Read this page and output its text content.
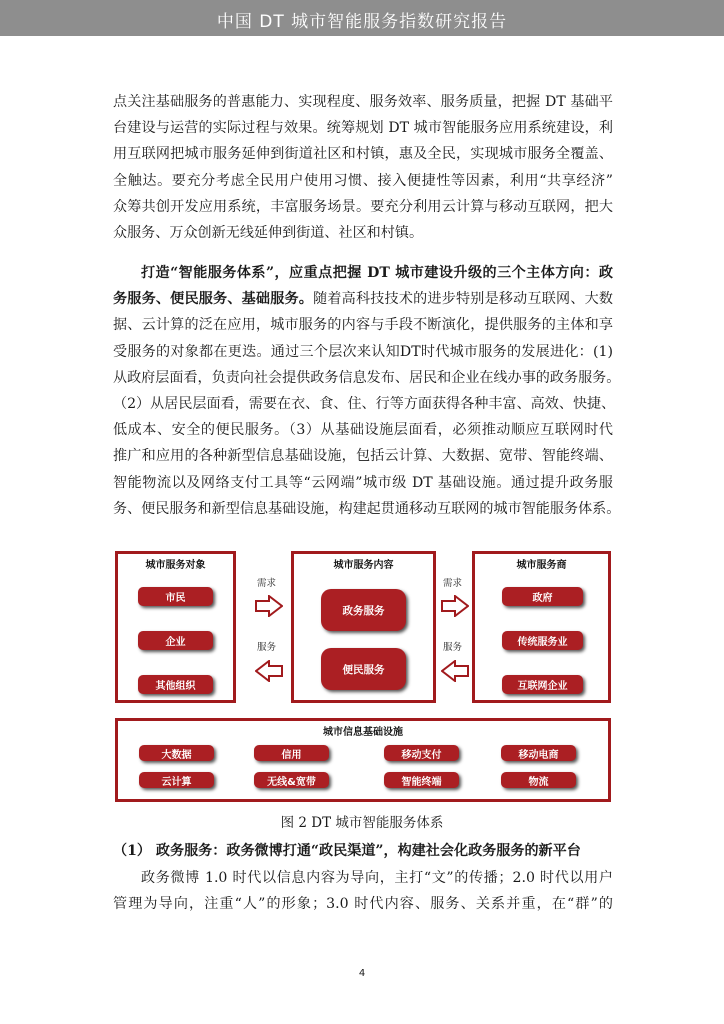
中国 DT 城市智能服务指数研究报告
点关注基础服务的普惠能力、实现程度、服务效率、服务质量，把握 DT 基础平
台建设与运营的实际过程与效果。统筹规划 DT 城市智能服务应用系统建设，利
用互联网把城市服务延伸到街道社区和村镇，惠及全民，实现城市服务全覆盖、
全触达。要充分考虑全民用户使用习惯、接入便捷性等因素，利用“共享经济”
众筹共创开发应用系统，丰富服务场景。要充分利用云计算与移动互联网，把大
众服务、万众创新无线延伸到街道、社区和村镇。
打造“智能服务体系”，应重点把握 DT 城市建设升级的三个主体方向：政
务服务、便民服务、基础服务。随着高科技技术的进步特别是移动互联网、大数
据、云计算的泛在应用，城市服务的内容与手段不断演化，提供服务的主体和享
受服务的对象都在更迭。通过三个层次来认知DT时代城市服务的发展进化：(1)
从政府层面看，负责向社会提供政务信息发布、居民和企业在线办事的政务服务。
（2）从居民层面看，需要在衣、食、住、行等方面获得各种丰富、高效、快捷、
低成本、安全的便民服务。（3）从基础设施层面看，必须推动顺应互联网时代
推广和应用的各种新型信息基础设施，包括云计算、大数据、宽带、智能终端、
智能物流以及网络支付工具等“云网端”城市级 DT 基础设施。通过提升政务服
务、便民服务和新型信息基础设施，构建起贯通移动互联网的城市智能服务体系。
城市服务对象
市民
企业
其他组织
需求
服务
城市服务内容
政务服务
便民服务
需求
服务
城市服务商
政府
传统服务业
互联网企业
城市信息基础设施
大数据	信用	移动支付	移动电商
云计算	无线&宽带	智能终端	物流
图 2 DT 城市智能服务体系
（1） 政务服务：政务微博打通“政民渠道”，构建社会化政务服务的新平台
政务微博 1.0 时代以信息内容为导向，主打“文”的传播；2.0 时代以用户
管理为导向，注重“人”的形象；3.0 时代内容、服务、关系并重，在“群”的
4
